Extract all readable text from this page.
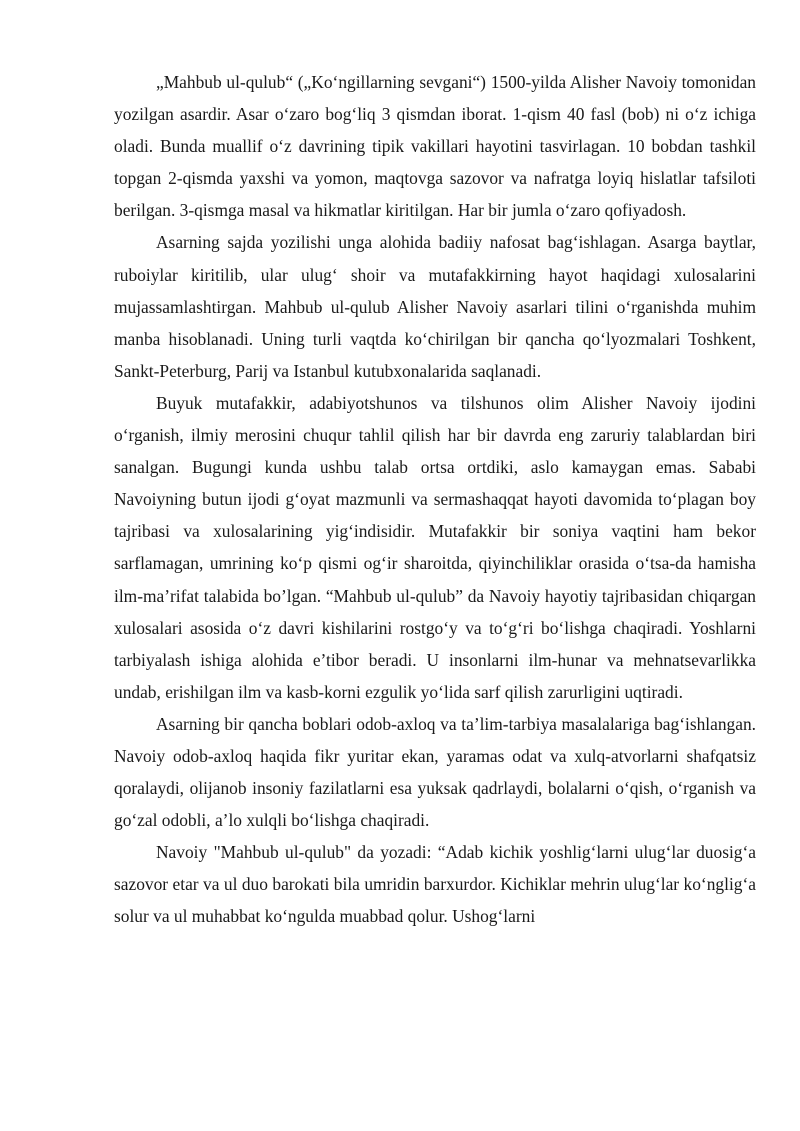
„Mahbub ul-qulub“ („Ko‘ngillarning sevgani“) 1500-yilda Alisher Navoiy tomonidan yozilgan asardir. Asar o‘zaro bog‘liq 3 qismdan iborat. 1-qism 40 fasl (bob) ni o‘z ichiga oladi. Bunda muallif o‘z davrining tipik vakillari hayotini tasvirlagan. 10 bobdan tashkil topgan 2-qismda yaxshi va yomon, maqtovga sazovor va nafratga loyiq hislatlar tafsiloti berilgan. 3-qismga masal va hikmatlar kiritilgan. Har bir jumla o‘zaro qofiyadosh.

Asarning sajda yozilishi unga alohida badiiy nafosat bag‘ishlagan. Asarga baytlar, ruboiylar kiritilib, ular ulug‘ shoir va mutafakkirning hayot haqidagi xulosalarini mujassamlashtirgan. Mahbub ul-qulub Alisher Navoiy asarlari tilini o‘rganishda muhim manba hisoblanadi. Uning turli vaqtda ko‘chirilgan bir qancha qo‘lyozmalari Toshkent, Sankt-Peterburg, Parij va Istanbul kutubxonalarida saqlanadi.

Buyuk mutafakkir, adabiyotshunos va tilshunos olim Alisher Navoiy ijodini o‘rganish, ilmiy merosini chuqur tahlil qilish har bir davrda eng zaruriy talablardan biri sanalgan. Bugungi kunda ushbu talab ortsa ortdiki, aslo kamaygan emas. Sababi Navoiyning butun ijodi g‘oyat mazmunli va sermashaqqat hayoti davomida to‘plagan boy tajribasi va xulosalarining yig‘indisidir. Mutafakkir bir soniya vaqtini ham bekor sarflamagan, umrining ko‘p qismi og‘ir sharoitda, qiyinchiliklar orasida o‘tsa-da hamisha ilm-ma’rifat talabida bo’lgan. “Mahbub ul-qulub” da Navoiy hayotiy tajribasidan chiqargan xulosalari asosida o‘z davri kishilarini rostgo‘y va to‘g‘ri bo‘lishga chaqiradi. Yoshlarni tarbiyalash ishiga alohida e’tibor beradi. U insonlarni ilm-hunar va mehnatsevarlikka undab, erishilgan ilm va kasb-korni ezgulik yo‘lida sarf qilish zarurligini uqtiradi.

Asarning bir qancha boblari odob-axloq va ta’lim-tarbiya masalalariga bag‘ishlangan. Navoiy odob-axloq haqida fikr yuritar ekan, yaramas odat va xulq-atvorlarni shafqatsiz qoralaydi, olijanob insoniy fazilatlarni esa yuksak qadrlaydi, bolalarni o‘qish, o‘rganish va go‘zal odobli, a’lo xulqli bo‘lishga chaqiradi.

Navoiy "Mahbub ul-qulub" da yozadi: “Adab kichik yoshlig‘larni ulug‘lar duosig‘a sazovor etar va ul duo barokati bila umridin barxurdor. Kichiklar mehrin ulug‘lar ko‘nglig‘a solur va ul muhabbat ko‘ngulda muabbad qolur. Ushog‘larni
